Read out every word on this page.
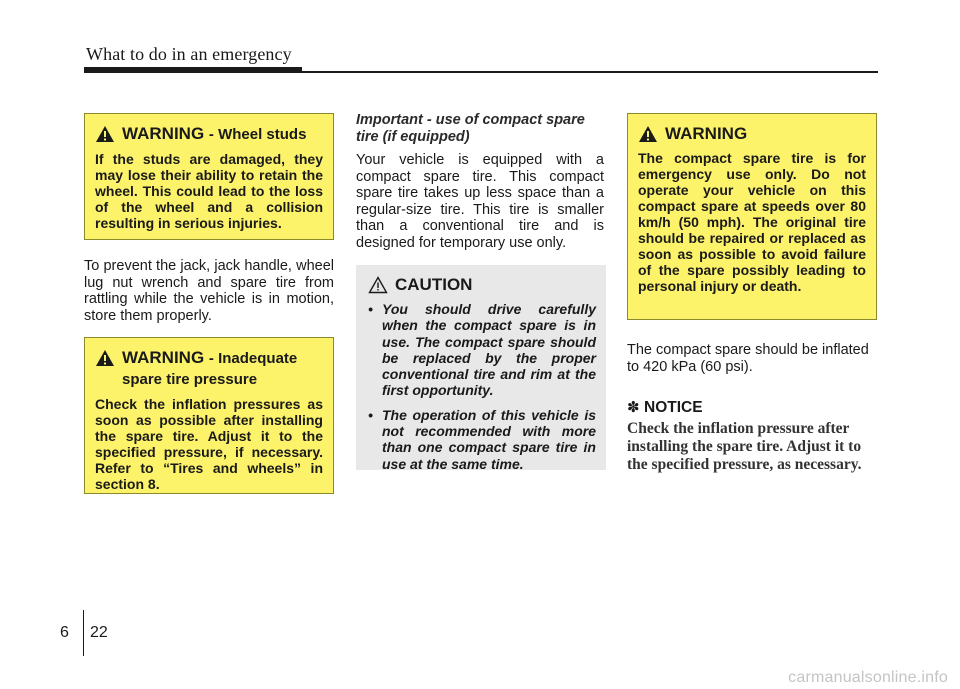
What to do in an emergency
WARNING - Wheel studs
If the studs are damaged, they may lose their ability to retain the wheel. This could lead to the loss of the wheel and a collision resulting in serious injuries.
To prevent the jack, jack handle, wheel lug nut wrench and spare tire from rattling while the vehicle is in motion, store them properly.
WARNING - Inadequate spare tire pressure
Check the inflation pressures as soon as possible after installing the spare tire. Adjust it to the specified pressure, if necessary. Refer to “Tires and wheels” in section 8.
Important - use of compact spare tire (if equipped)
Your vehicle is equipped with a compact spare tire. This compact spare tire takes up less space than a regular-size tire. This tire is smaller than a conventional tire and is designed for temporary use only.
CAUTION
• You should drive carefully when the compact spare is in use. The compact spare should be replaced by the proper conventional tire and rim at the first opportunity.
• The operation of this vehicle is not recommended with more than one compact spare tire in use at the same time.
WARNING
The compact spare tire is for emergency use only. Do not operate your vehicle on this compact spare at speeds over 80 km/h (50 mph). The original tire should be repaired or replaced as soon as possible to avoid failure of the spare possibly leading to personal injury or death.
The compact spare should be inflated to 420 kPa (60 psi).
✽ NOTICE
Check the inflation pressure after installing the spare tire. Adjust it to the specified pressure, as necessary.
6 22
carmanualsonline.info
